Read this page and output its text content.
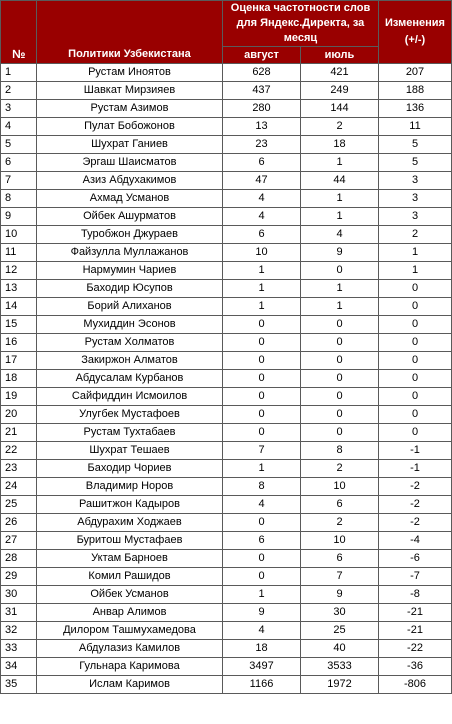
№	Политики Узбекистана	Оценка частотности слов для Яндекс.Директа, за месяц		Изменения (+/-)
		август	июль	
1	Рустам Иноятов	628	421	207
2	Шавкат Мирзияев	437	249	188
3	Рустам Азимов	280	144	136
4	Пулат Бобожонов	13	2	11
5	Шухрат Ганиев	23	18	5
6	Эргаш Шаисматов	6	1	5
7	Азиз Абдухакимов	47	44	3
8	Ахмад Усманов	4	1	3
9	Ойбек Ашурматов	4	1	3
10	Туробжон Джураев	6	4	2
11	Файзулла Муллажанов	10	9	1
12	Нармумин Чариев	1	0	1
13	Баходир Юсупов	1	1	0
14	Борий Алиханов	1	1	0
15	Мухиддин Эсонов	0	0	0
16	Рустам Холматов	0	0	0
17	Закиржон Алматов	0	0	0
18	Абдусалам Курбанов	0	0	0
19	Сайфиддин Исмоилов	0	0	0
20	Улугбек Мустафоев	0	0	0
21	Рустам Тухтабаев	0	0	0
22	Шухрат Тешаев	7	8	-1
23	Баходир Чориев	1	2	-1
24	Владимир Норов	8	10	-2
25	Рашитжон Кадыров	4	6	-2
26	Абдурахим Ходжаев	0	2	-2
27	Буритош Мустафаев	6	10	-4
28	Уктам Барноев	0	6	-6
29	Комил Рашидов	0	7	-7
30	Ойбек Усманов	1	9	-8
31	Анвар Алимов	9	30	-21
32	Дилором Ташмухамедова	4	25	-21
33	Абдулазиз Камилов	18	40	-22
34	Гульнара Каримова	3497	3533	-36
35	Ислам Каримов	1166	1972	-806
